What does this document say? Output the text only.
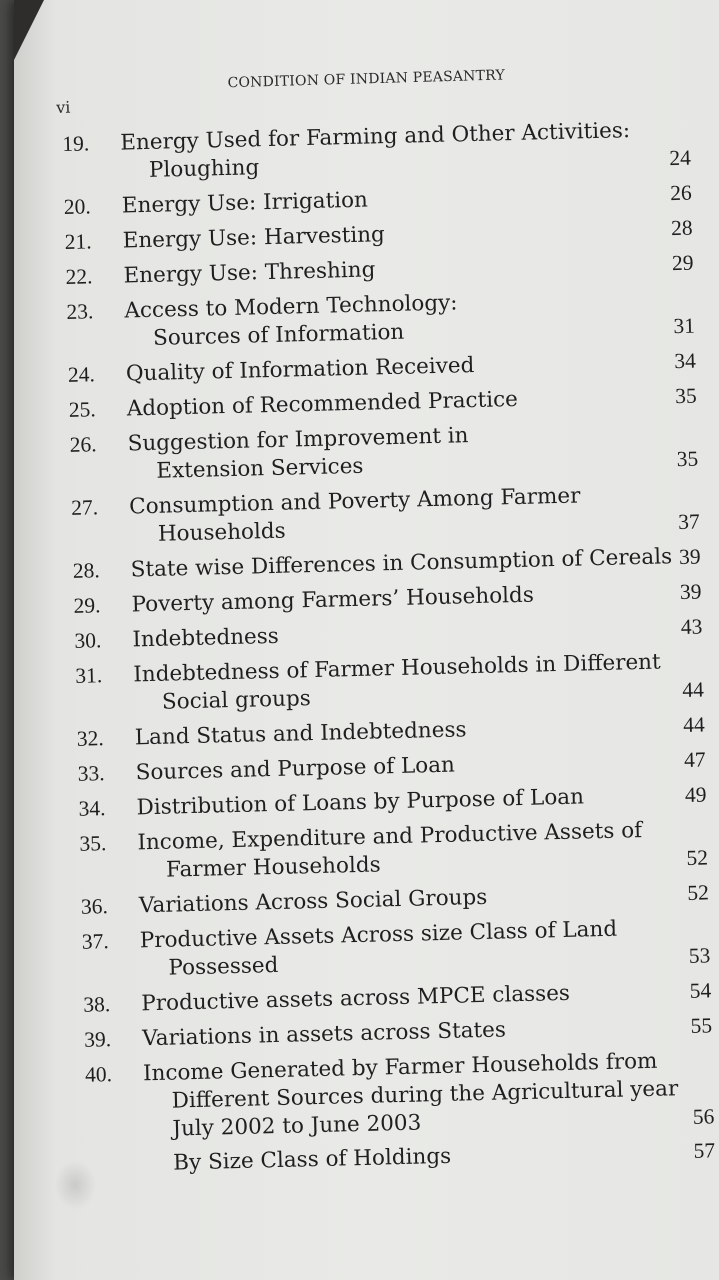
vi
CONDITION OF INDIAN PEASANTRY
19. Energy Used for Farming and Other Activities:
Ploughing	24
20. Energy Use: Irrigation	26
21. Energy Use: Harvesting	28
22. Energy Use: Threshing	29
23. Access to Modern Technology:
Sources of Information	31
24. Quality of Information Received	34
25. Adoption of Recommended Practice	35
26. Suggestion for Improvement in
Extension Services	35
27. Consumption and Poverty Among Farmer
Households	37
28. State wise Differences in Consumption of Cereals 39
29. Poverty among Farmers’ Households	39
30. Indebtedness	43
31. Indebtedness of Farmer Households in Different
Social groups	44
32. Land Status and Indebtedness	44
33. Sources and Purpose of Loan	47
34. Distribution of Loans by Purpose of Loan	49
35. Income, Expenditure and Productive Assets of
Farmer Households	52
36. Variations Across Social Groups	52
37. Productive Assets Across size Class of Land
Possessed	53
38. Productive assets across MPCE classes	54
39. Variations in assets across States	55
40. Income Generated by Farmer Households from
Different Sources during the Agricultural year
July 2002 to June 2003	56
By Size Class of Holdings	57
